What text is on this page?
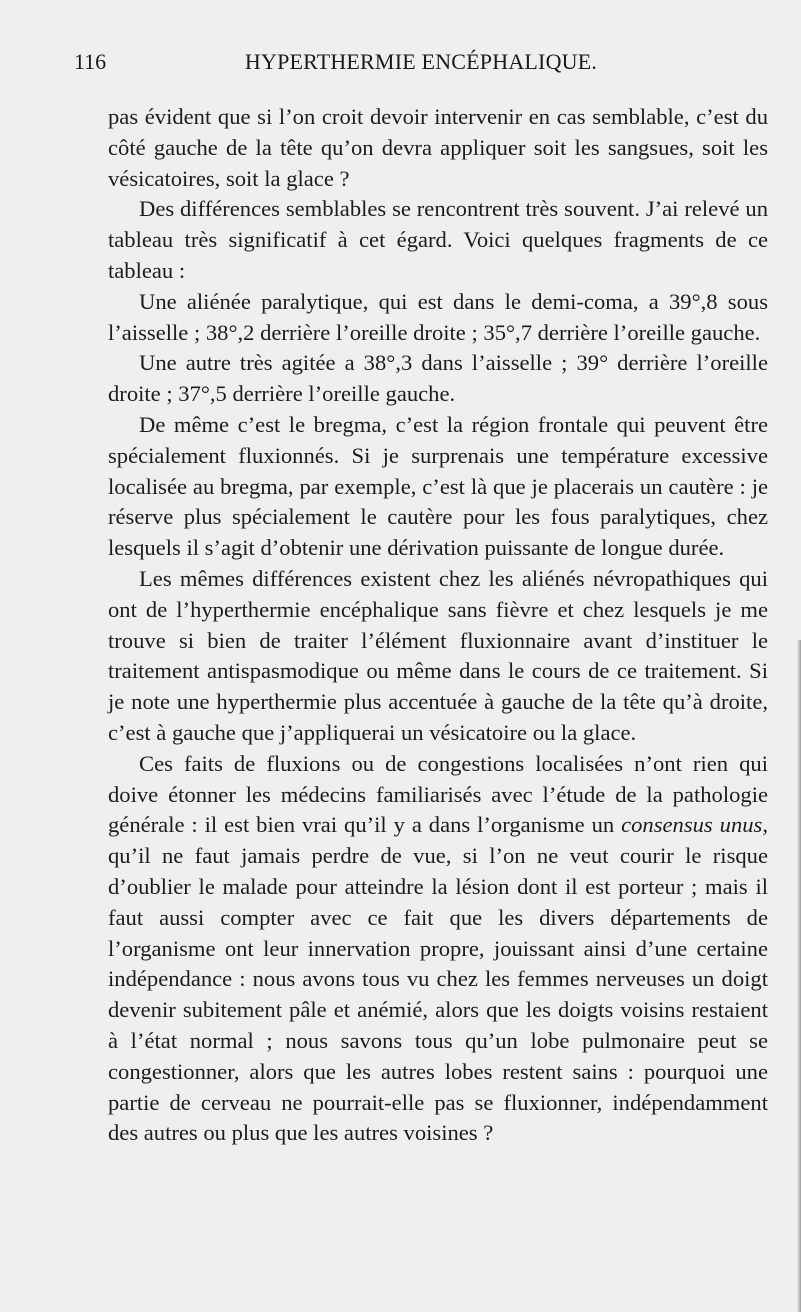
116	HYPERTHERMIE ENCÉPHALIQUE.

pas évident que si l’on croit devoir intervenir en cas semblable, c’est du côté gauche de la tête qu’on devra appliquer soit les sangsues, soit les vésicatoires, soit la glace ?

Des différences semblables se rencontrent très souvent. J’ai relevé un tableau très significatif à cet égard. Voici quelques fragments de ce tableau :

Une aliénée paralytique, qui est dans le demi-coma, a 39°,8 sous l’aisselle ; 38°,2 derrière l’oreille droite ; 35°,7 derrière l’oreille gauche.

Une autre très agitée a 38°,3 dans l’aisselle ; 39° derrière l’oreille droite ; 37°,5 derrière l’oreille gauche.

De même c’est le bregma, c’est la région frontale qui peuvent être spécialement fluxionnés. Si je surprenais une température excessive localisée au bregma, par exemple, c’est là que je placerais un cautère : je réserve plus spécialement le cautère pour les fous paralytiques, chez lesquels il s’agit d’obtenir une dérivation puissante de longue durée.

Les mêmes différences existent chez les aliénés névropathiques qui ont de l’hyperthermie encéphalique sans fièvre et chez lesquels je me trouve si bien de traiter l’élément fluxionnaire avant d’instituer le traitement antispasmodique ou même dans le cours de ce traitement. Si je note une hyperthermie plus accentuée à gauche de la tête qu’à droite, c’est à gauche que j’appliquerai un vésicatoire ou la glace.

Ces faits de fluxions ou de congestions localisées n’ont rien qui doive étonner les médecins familiarisés avec l’étude de la pathologie générale : il est bien vrai qu’il y a dans l’organisme un consensus unus, qu’il ne faut jamais perdre de vue, si l’on ne veut courir le risque d’oublier le malade pour atteindre la lésion dont il est porteur ; mais il faut aussi compter avec ce fait que les divers départements de l’organisme ont leur innervation propre, jouissant ainsi d’une certaine indépendance : nous avons tous vu chez les femmes nerveuses un doigt devenir subitement pâle et anémié, alors que les doigts voisins restaient à l’état normal ; nous savons tous qu’un lobe pulmonaire peut se congestionner, alors que les autres lobes restent sains : pourquoi une partie de cerveau ne pourrait-elle pas se fluxionner, indépendamment des autres ou plus que les autres voisines ?
